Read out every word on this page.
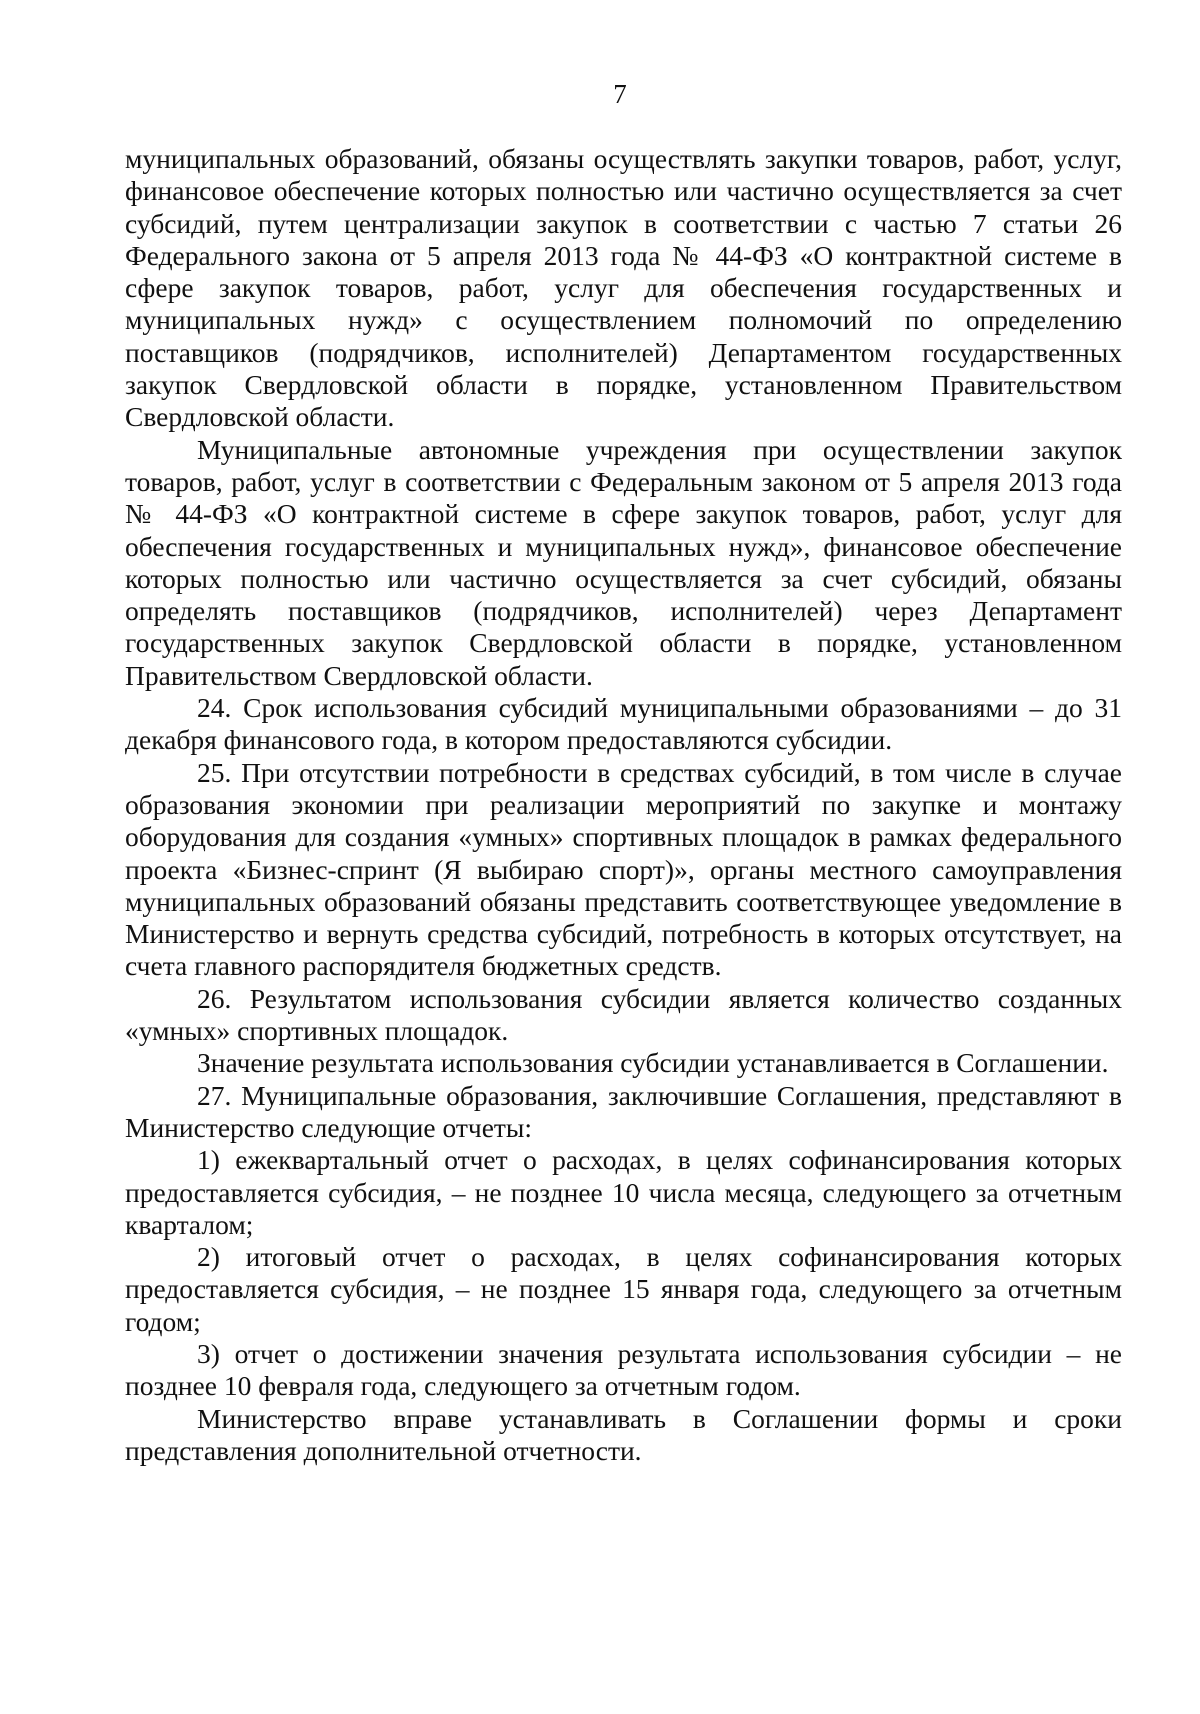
7

муниципальных образований, обязаны осуществлять закупки товаров, работ, услуг, финансовое обеспечение которых полностью или частично осуществляется за счет субсидий, путем централизации закупок в соответствии с частью 7 статьи 26 Федерального закона от 5 апреля 2013 года № 44-ФЗ «О контрактной системе в сфере закупок товаров, работ, услуг для обеспечения государственных и муниципальных нужд» с осуществлением полномочий по определению поставщиков (подрядчиков, исполнителей) Департаментом государственных закупок Свердловской области в порядке, установленном Правительством Свердловской области.

Муниципальные автономные учреждения при осуществлении закупок товаров, работ, услуг в соответствии с Федеральным законом от 5 апреля 2013 года № 44-ФЗ «О контрактной системе в сфере закупок товаров, работ, услуг для обеспечения государственных и муниципальных нужд», финансовое обеспечение которых полностью или частично осуществляется за счет субсидий, обязаны определять поставщиков (подрядчиков, исполнителей) через Департамент государственных закупок Свердловской области в порядке, установленном Правительством Свердловской области.

24. Срок использования субсидий муниципальными образованиями – до 31 декабря финансового года, в котором предоставляются субсидии.

25. При отсутствии потребности в средствах субсидий, в том числе в случае образования экономии при реализации мероприятий по закупке и монтажу оборудования для создания «умных» спортивных площадок в рамках федерального проекта «Бизнес-спринт (Я выбираю спорт)», органы местного самоуправления муниципальных образований обязаны представить соответствующее уведомление в Министерство и вернуть средства субсидий, потребность в которых отсутствует, на счета главного распорядителя бюджетных средств.

26. Результатом использования субсидии является количество созданных «умных» спортивных площадок.

Значение результата использования субсидии устанавливается в Соглашении.

27. Муниципальные образования, заключившие Соглашения, представляют в Министерство следующие отчеты:

1) ежеквартальный отчет о расходах, в целях софинансирования которых предоставляется субсидия, – не позднее 10 числа месяца, следующего за отчетным кварталом;

2) итоговый отчет о расходах, в целях софинансирования которых предоставляется субсидия, – не позднее 15 января года, следующего за отчетным годом;

3) отчет о достижении значения результата использования субсидии – не позднее 10 февраля года, следующего за отчетным годом.

Министерство вправе устанавливать в Соглашении формы и сроки представления дополнительной отчетности.
